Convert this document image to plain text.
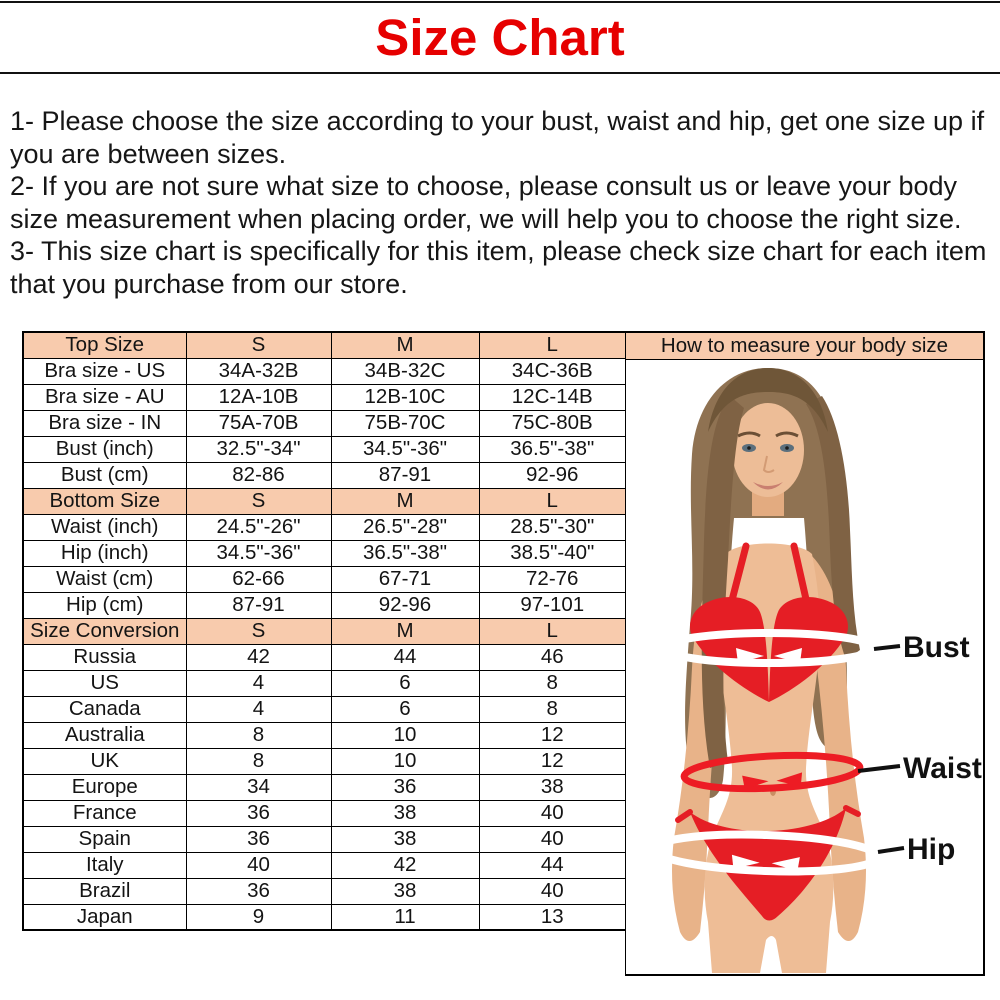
Size Chart

1- Please choose the size according to your bust, waist and hip, get one size up if you are between sizes.

2- If you are not sure what size to choose, please consult us or leave your body size measurement when placing order, we will help you to choose the right size.

3- This size chart is specifically for this item, please check size chart for each item that you purchase from our store.

Top Size	S	M	L
Bra size - US	34A-32B	34B-32C	34C-36B
Bra size - AU	12A-10B	12B-10C	12C-14B
Bra size - IN	75A-70B	75B-70C	75C-80B
Bust (inch)	32.5"-34"	34.5"-36"	36.5"-38"
Bust (cm)	82-86	87-91	92-96
Bottom Size	S	M	L
Waist (inch)	24.5"-26"	26.5"-28"	28.5"-30"
Hip (inch)	34.5"-36"	36.5"-38"	38.5"-40"
Waist (cm)	62-66	67-71	72-76
Hip (cm)	87-91	92-96	97-101
Size Conversion	S	M	L
Russia	42	44	46
US	4	6	8
Canada	4	6	8
Australia	8	10	12
UK	8	10	12
Europe	34	36	38
France	36	38	40
Spain	36	38	40
Italy	40	42	44
Brazil	36	38	40
Japan	9	11	13
How to measure your body size
Bust
Waist
Hip
